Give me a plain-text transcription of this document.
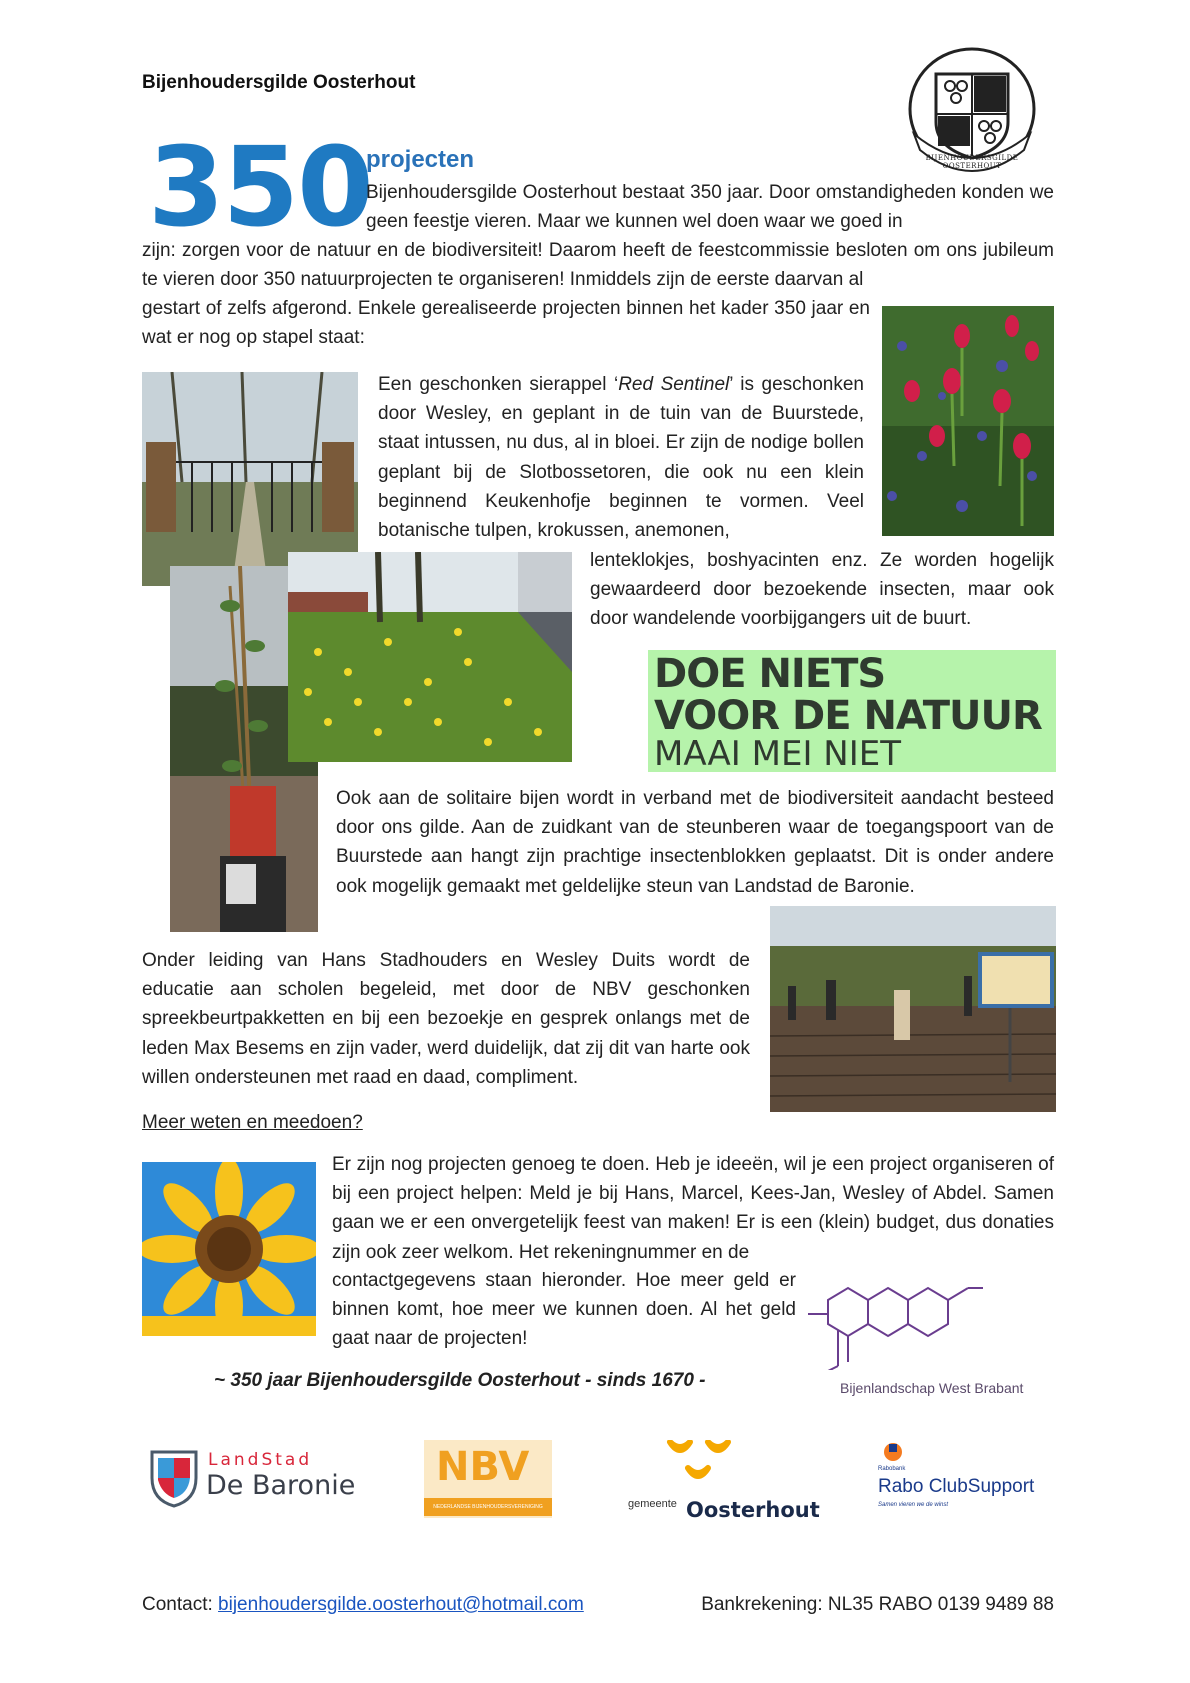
Bijenhoudersgilde Oosterhout
BIJENHOUDERSGILDE OOSTERHOUT
350
projecten

Bijenhoudersgilde Oosterhout bestaat 350 jaar. Door omstandigheden konden we geen feestje vieren. Maar we kunnen wel doen waar we goed in

zijn: zorgen voor de natuur en de biodiversiteit! Daarom heeft de feestcommissie besloten om ons jubileum te vieren door 350 natuurprojecten te organiseren! Inmiddels zijn de eerste daarvan al

gestart of zelfs afgerond. Enkele gerealiseerde projecten binnen het kader 350 jaar en wat er nog op stapel staat:

Een geschonken sierappel ‘Red Sentinel’ is geschonken door Wesley, en geplant in de tuin van de Buurstede, staat intussen, nu dus, al in bloei. Er zijn de nodige bollen geplant bij de Slotbossetoren, die ook nu een klein beginnend Keukenhofje beginnen te vormen. Veel botanische tulpen, krokussen, anemonen,

lenteklokjes, boshyacinten enz. Ze worden hogelijk gewaardeerd door bezoekende insecten, maar ook door wandelende voorbijgangers uit de buurt.

DOE NIETS
VOOR DE NATUUR
MAAI MEI NIET

Ook aan de solitaire bijen wordt in verband met de biodiversiteit aandacht besteed door ons gilde. Aan de zuidkant van de steunberen waar de toegangspoort van de Buurstede aan hangt zijn prachtige insectenblokken geplaatst. Dit is onder andere ook mogelijk gemaakt met geldelijke steun van Landstad de Baronie.

Onder leiding van Hans Stadhouders en Wesley Duits wordt de educatie aan scholen begeleid, met door de NBV geschonken spreekbeurtpakketten en bij een bezoekje en gesprek onlangs met de leden Max Besems en zijn vader, werd duidelijk, dat zij dit van harte ook willen ondersteunen met raad en daad, compliment.

Meer weten en meedoen?

Er zijn nog projecten genoeg te doen. Heb je ideeën, wil je een project organiseren of bij een project helpen: Meld je bij Hans, Marcel, Kees-Jan, Wesley of Abdel. Samen gaan we er een onvergetelijk feest van maken! Er is een (klein) budget, dus donaties zijn ook zeer welkom. Het rekeningnummer en de

contactgegevens staan hieronder. Hoe meer geld er binnen komt, hoe meer we kunnen doen. Al het geld gaat naar de projecten!

Bijenlandschap West Brabant
~ 350 jaar Bijenhoudersgilde Oosterhout - sinds 1670 -
LandStad
De Baronie NBV
NEDERLANDSE BIJENHOUDERSVERENIGING	gemeente Oosterhout
Rabobank
Rabo ClubSupport
Samen vieren we de winst
Contact: bijenhoudersgilde.oosterhout@hotmail.com	Bankrekening: NL35 RABO 0139 9489 88
